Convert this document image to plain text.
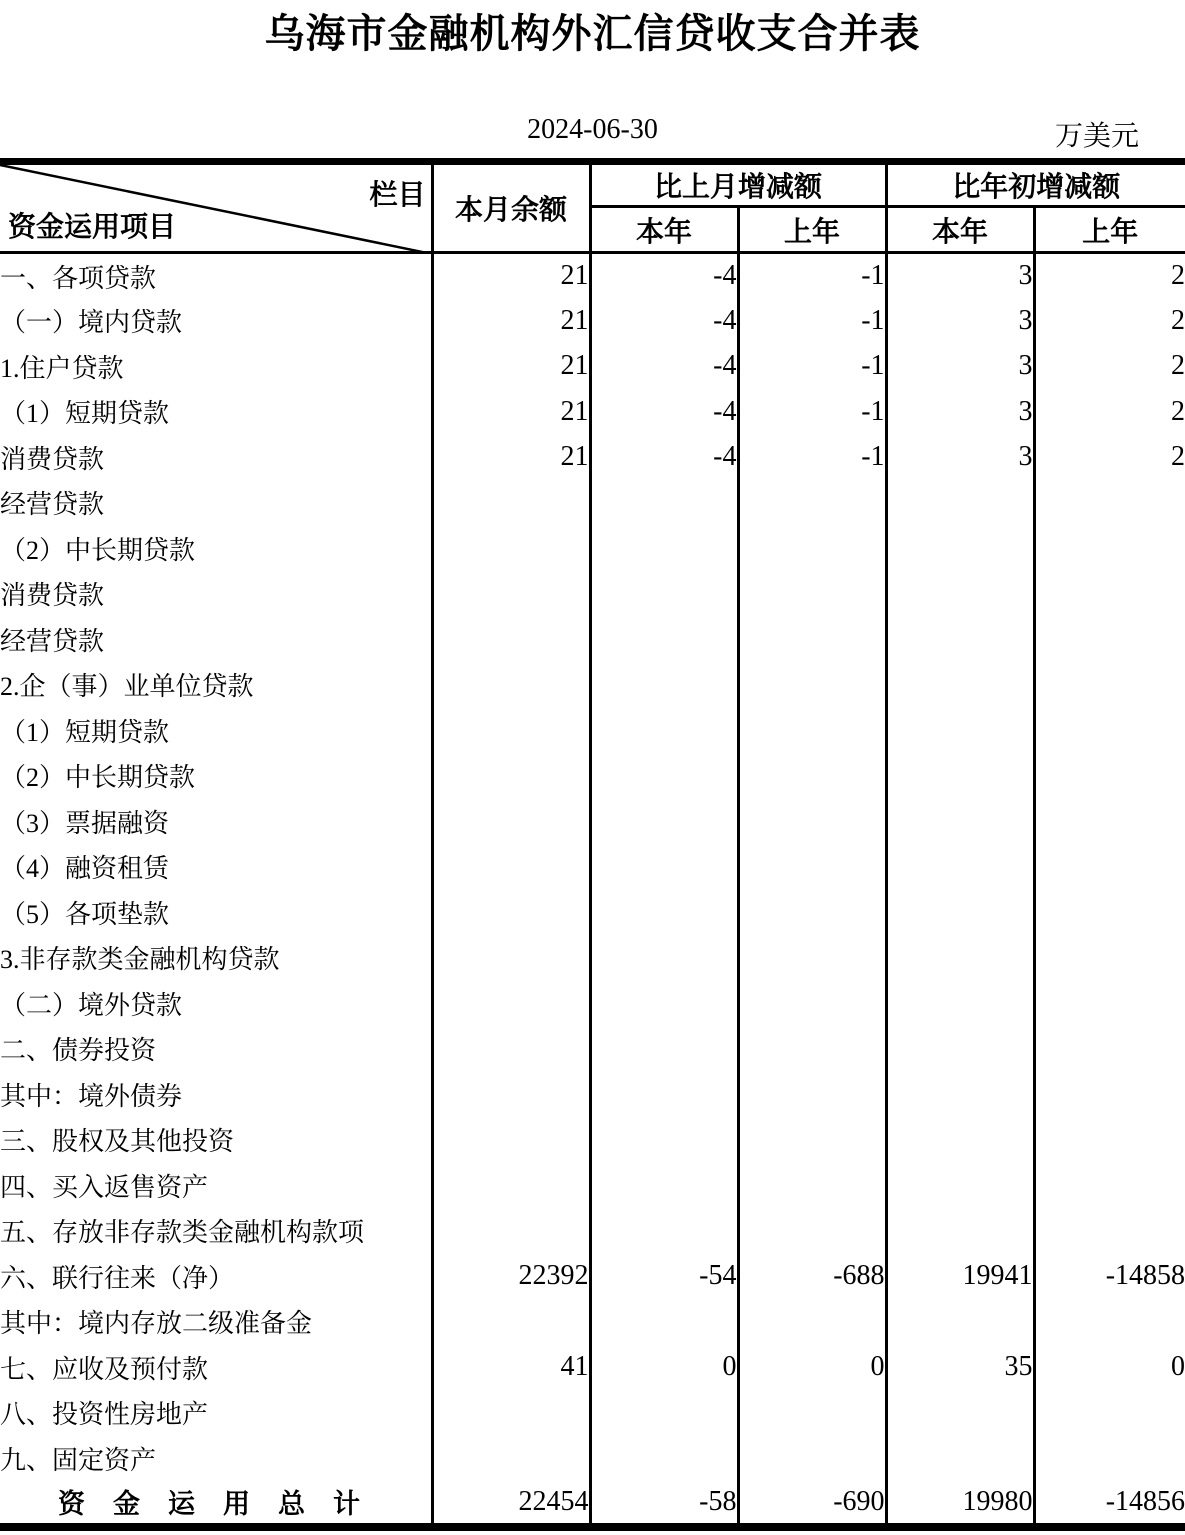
乌海市金融机构外汇信贷收支合并表
2024-06-30	万美元
栏目
资金运用项目	本月余额	比上月增减额		比年初增减额	
		本年	上年	本年	上年
一、各项贷款	21	-4	-1	3	2
（一）境内贷款	21	-4	-1	3	2
1.住户贷款	21	-4	-1	3	2
（1）短期贷款	21	-4	-1	3	2
消费贷款	21	-4	-1	3	2
经营贷款					
（2）中长期贷款					
消费贷款					
经营贷款					
2.企（事）业单位贷款					
（1）短期贷款					
（2）中长期贷款					
（3）票据融资					
（4）融资租赁					
（5）各项垫款					
3.非存款类金融机构贷款					
（二）境外贷款					
二、债券投资					
其中：境外债券					
三、股权及其他投资					
四、买入返售资产					
五、存放非存款类金融机构款项					
六、联行往来（净）	22392	-54	-688	19941	-14858
其中：境内存放二级准备金					
七、应收及预付款	41	0	0	35	0
八、投资性房地产					
九、固定资产					
资金运用总计	22454	-58	-690	19980	-14856
